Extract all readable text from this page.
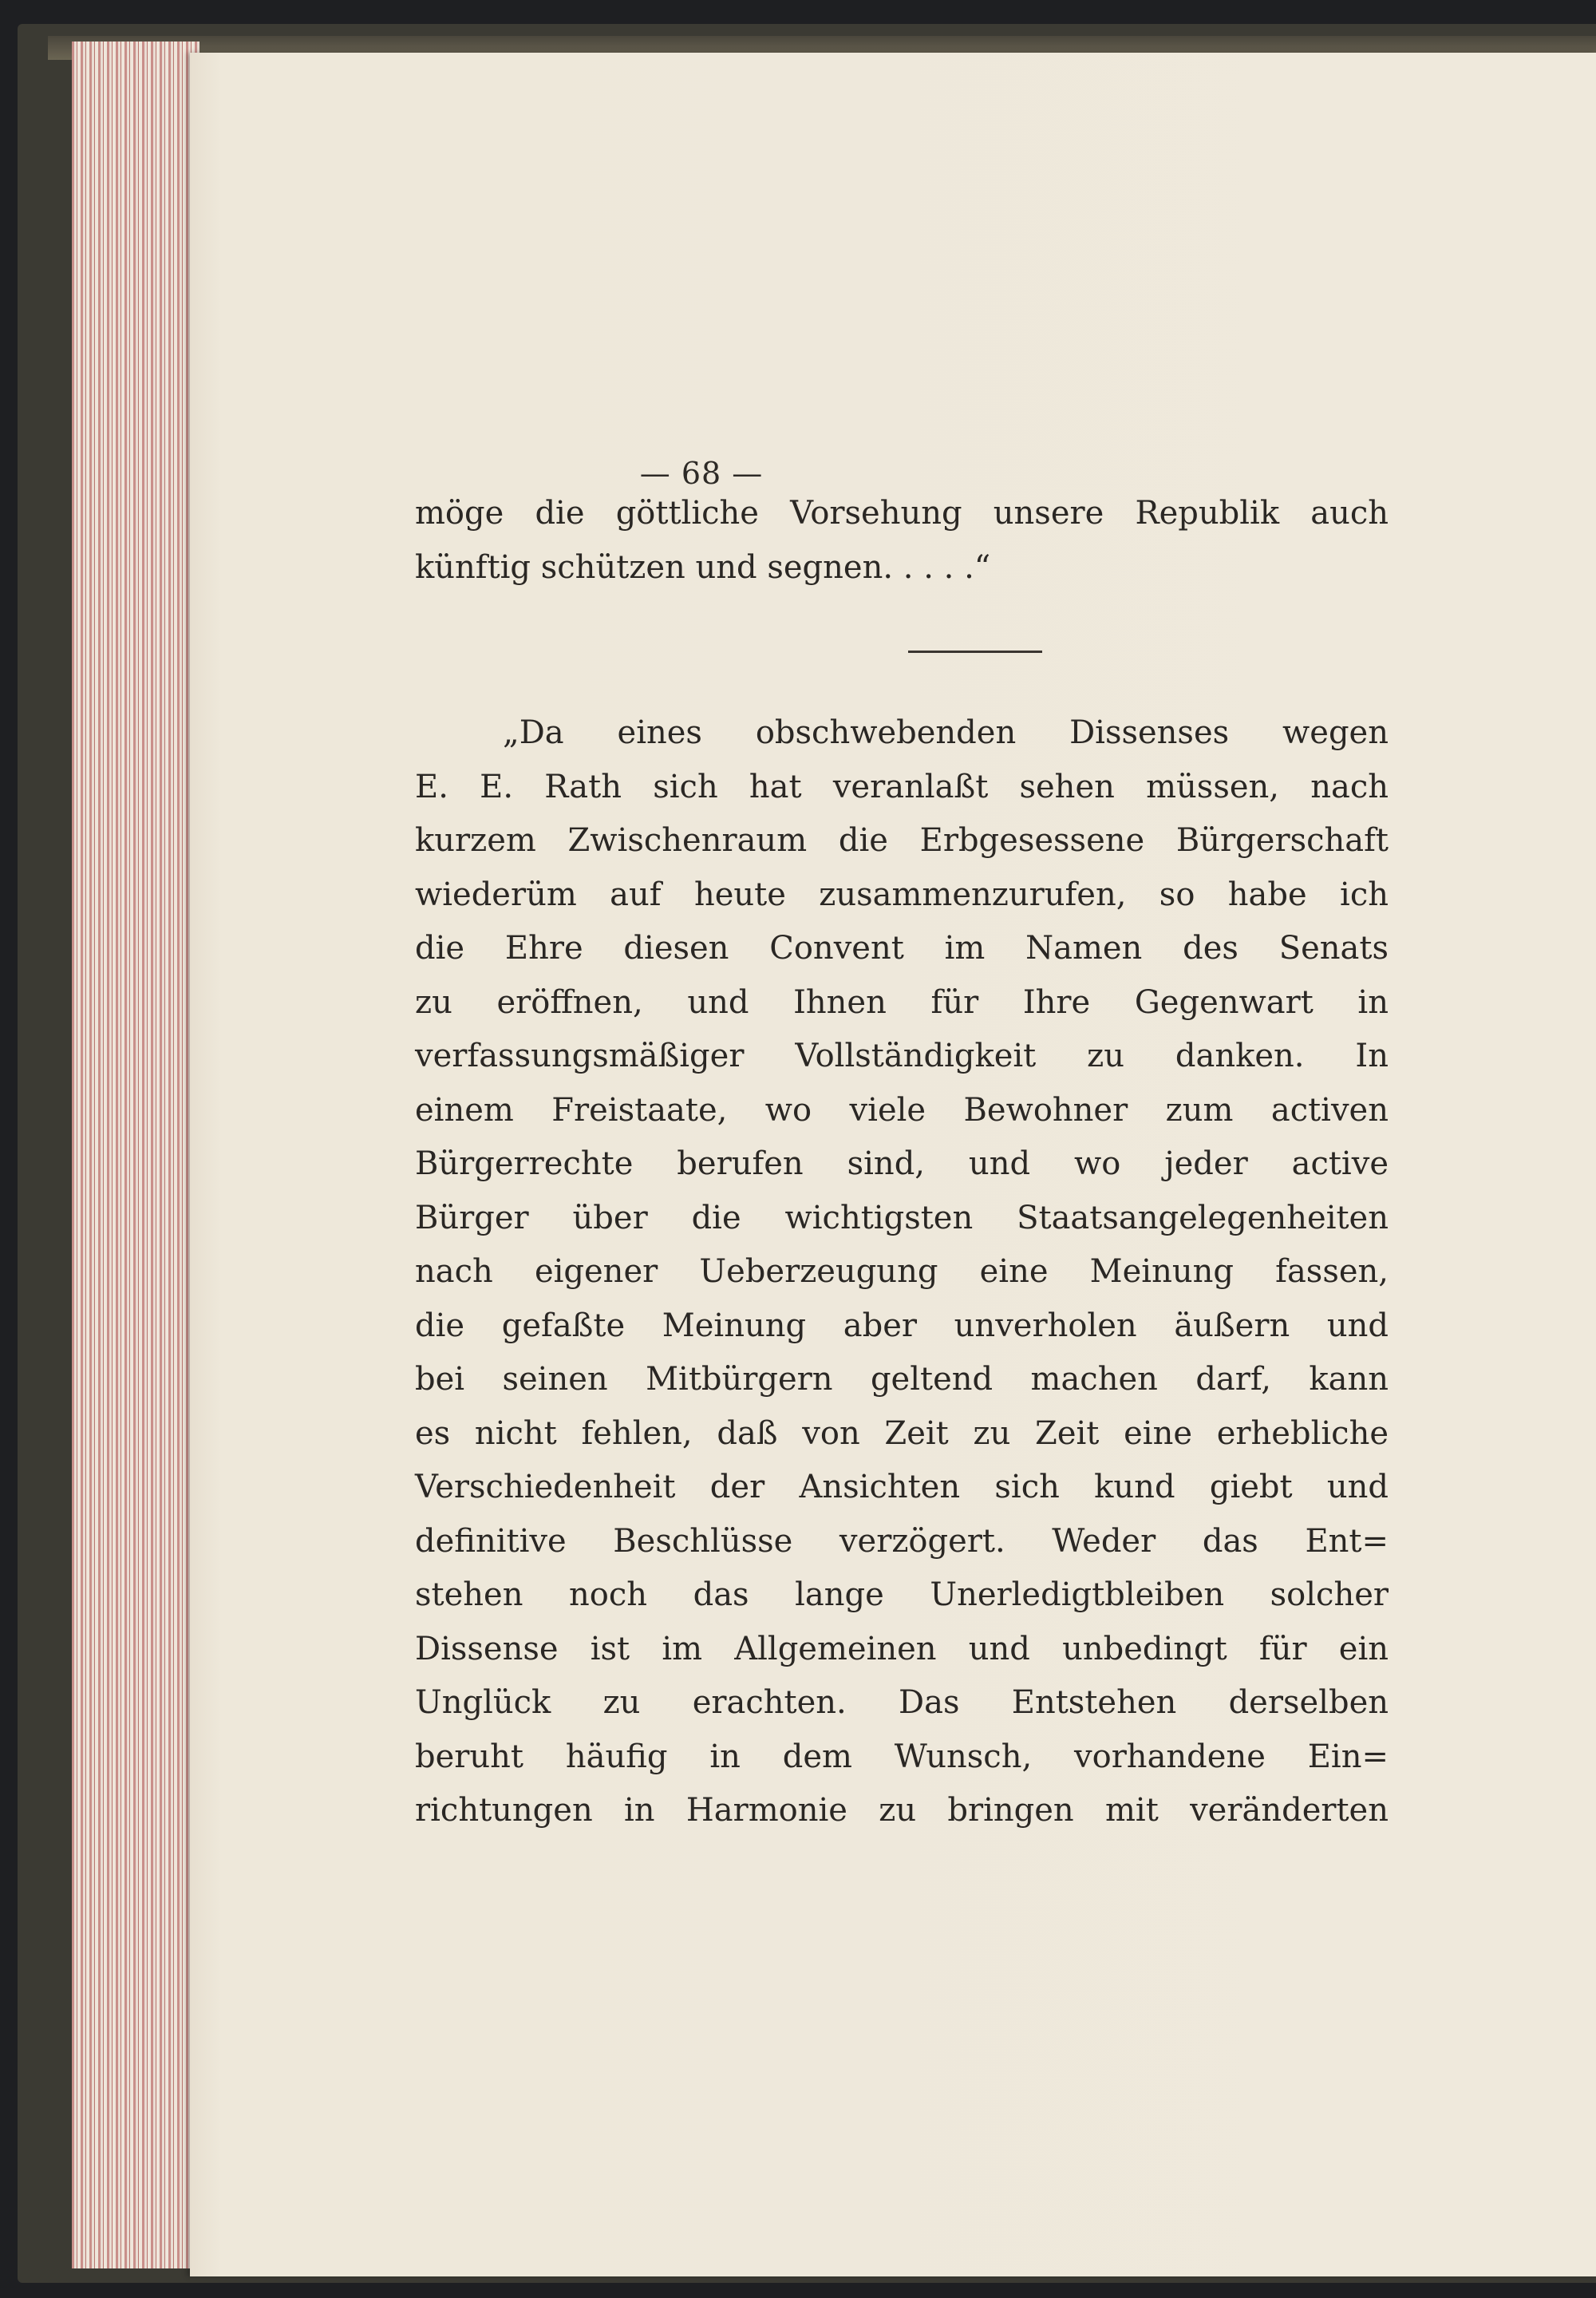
— 68 —
möge die göttliche Vorsehung unsere Republik auch
künftig schützen und segnen. . . . .“
„Da eines obschwebenden Dissenses wegen
E. E. Rath sich hat veranlaßt sehen müssen, nach
kurzem Zwischenraum die Erbgesessene Bürgerschaft
wiederüm auf heute zusammenzurufen, so habe ich
die Ehre diesen Convent im Namen des Senats
zu eröffnen, und Ihnen für Ihre Gegenwart in
verfassungsmäßiger Vollständigkeit zu danken. In
einem Freistaate, wo viele Bewohner zum activen
Bürgerrechte berufen sind, und wo jeder active
Bürger über die wichtigsten Staatsangelegenheiten
nach eigener Ueberzeugung eine Meinung fassen,
die gefaßte Meinung aber unverholen äußern und
bei seinen Mitbürgern geltend machen darf, kann
es nicht fehlen, daß von Zeit zu Zeit eine erhebliche
Verschiedenheit der Ansichten sich kund giebt und
definitive Beschlüsse verzögert. Weder das Ent=
stehen noch das lange Unerledigtbleiben solcher
Dissense ist im Allgemeinen und unbedingt für ein
Unglück zu erachten. Das Entstehen derselben
beruht häufig in dem Wunsch, vorhandene Ein=
richtungen in Harmonie zu bringen mit veränderten
